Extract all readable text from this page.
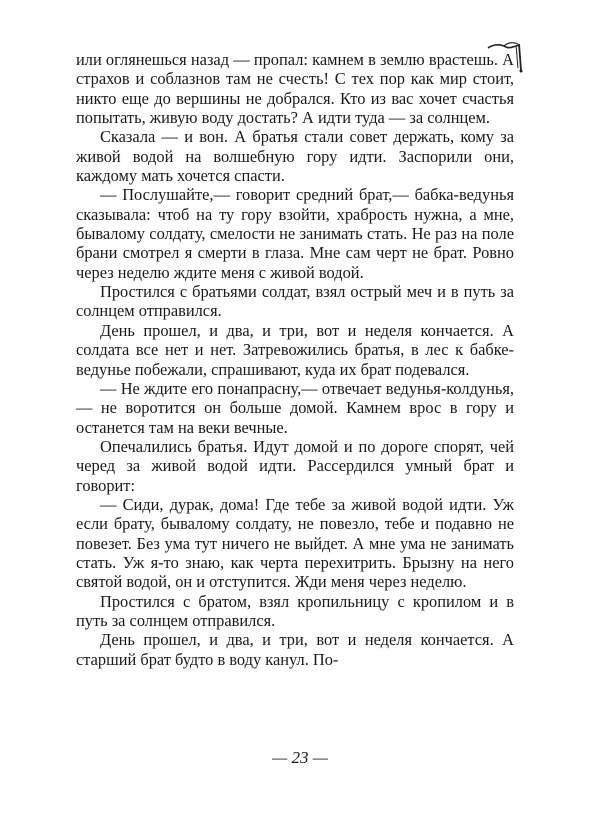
или оглянешься назад — пропал: камнем в землю врастешь. А страхов и соблазнов там не счесть! С тех пор как мир стоит, никто еще до вершины не добрался. Кто из вас хочет счастья попытать, живую воду достать? А идти туда — за солнцем.

Сказала — и вон. А братья стали совет держать, кому за живой водой на волшебную гору идти. Заспорили они, каждому мать хочется спасти.

— Послушайте,— говорит средний брат,— бабка-ведунья сказывала: чтоб на ту гору взойти, храбрость нужна, а мне, бывалому солдату, смелости не занимать стать. Не раз на поле брани смотрел я смерти в глаза. Мне сам черт не брат. Ровно через неделю ждите меня с живой водой.

Простился с братьями солдат, взял острый меч и в путь за солнцем отправился.

День прошел, и два, и три, вот и неделя кончается. А солдата все нет и нет. Затревожились братья, в лес к бабке-ведунье побежали, спрашивают, куда их брат подевался.

— Не ждите его понапрасну,— отвечает ведунья-колдунья,— не воротится он больше домой. Камнем врос в гору и останется там на веки вечные.

Опечалились братья. Идут домой и по дороге спорят, чей черед за живой водой идти. Рассердился умный брат и говорит:

— Сиди, дурак, дома! Где тебе за живой водой идти. Уж если брату, бывалому солдату, не повезло, тебе и подавно не повезет. Без ума тут ничего не выйдет. А мне ума не занимать стать. Уж я-то знаю, как черта перехитрить. Брызну на него святой водой, он и отступится. Жди меня через неделю.

Простился с братом, взял кропильницу с кропилом и в путь за солнцем отправился.

День прошел, и два, и три, вот и неделя кончается. А старший брат будто в воду канул. По-

— 23 —
